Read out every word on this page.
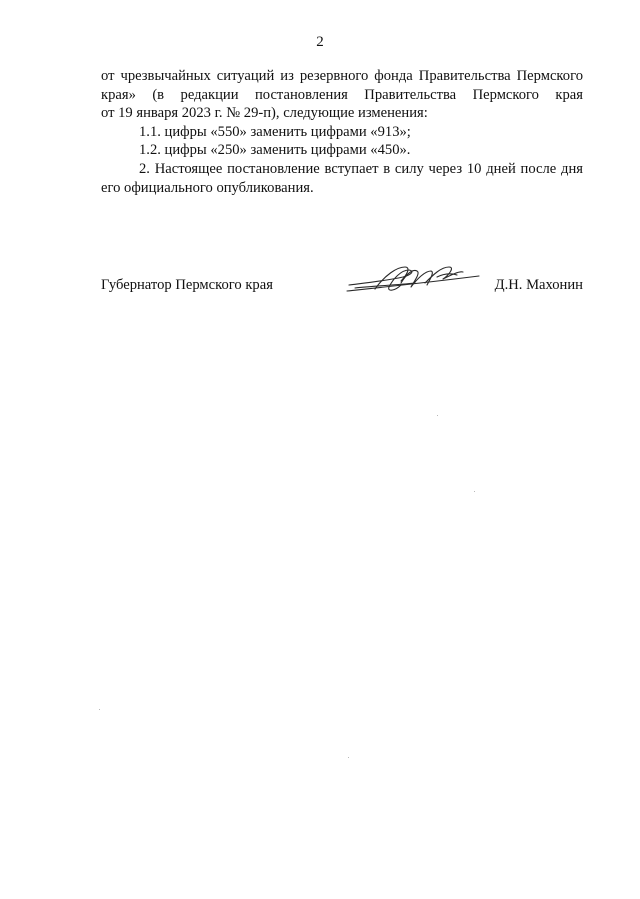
2
от чрезвычайных ситуаций из резервного фонда Правительства Пермского
края» (в редакции постановления Правительства Пермского края
от 19 января 2023 г. № 29-п), следующие изменения:
1.1. цифры «550» заменить цифрами «913»;
1.2. цифры «250» заменить цифрами «450».
2. Настоящее постановление вступает в силу через 10 дней после дня
его официального опубликования.
Губернатор Пермского края	Д.Н. Махонин
